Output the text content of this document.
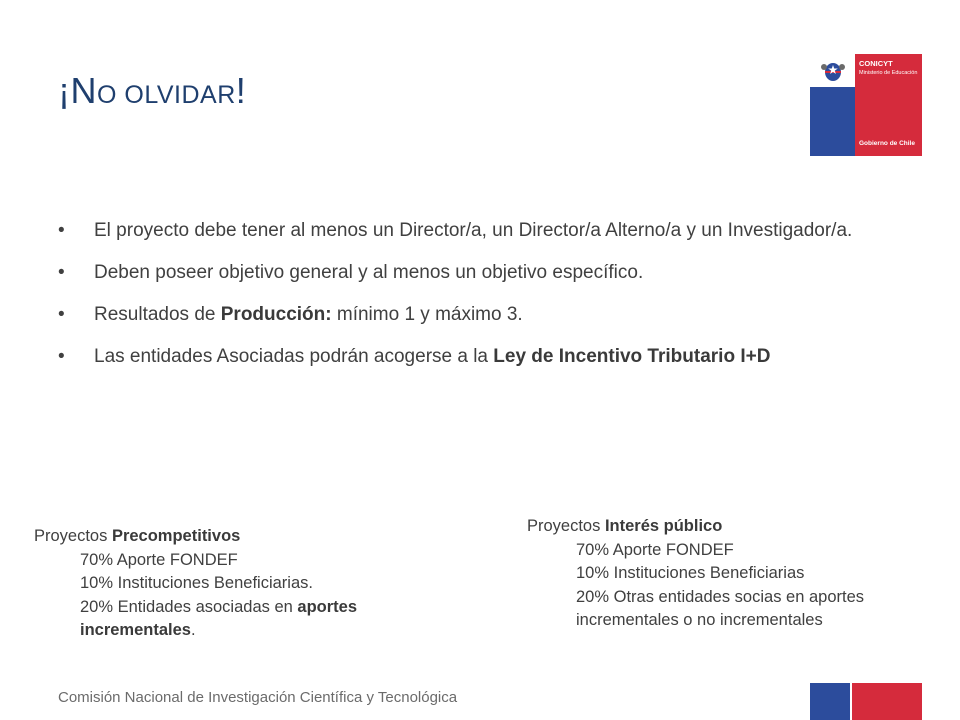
¡NO OLVIDAR!
CONICYT
Ministerio de Educación
Gobierno de Chile
• El proyecto debe tener al menos un Director/a, un Director/a Alterno/a y un Investigador/a.
• Deben poseer objetivo general y al menos un objetivo específico.
• Resultados de Producción: mínimo 1 y máximo 3.
• Las entidades Asociadas podrán acogerse a la Ley de Incentivo Tributario I+D
Proyectos Precompetitivos
70% Aporte FONDEF
10% Instituciones Beneficiarias.
20% Entidades asociadas en aportes incrementales.
Proyectos Interés público
70% Aporte FONDEF
10% Instituciones Beneficiarias
20% Otras entidades socias en aportes incrementales o no incrementales
Comisión Nacional de Investigación Científica y Tecnológica
